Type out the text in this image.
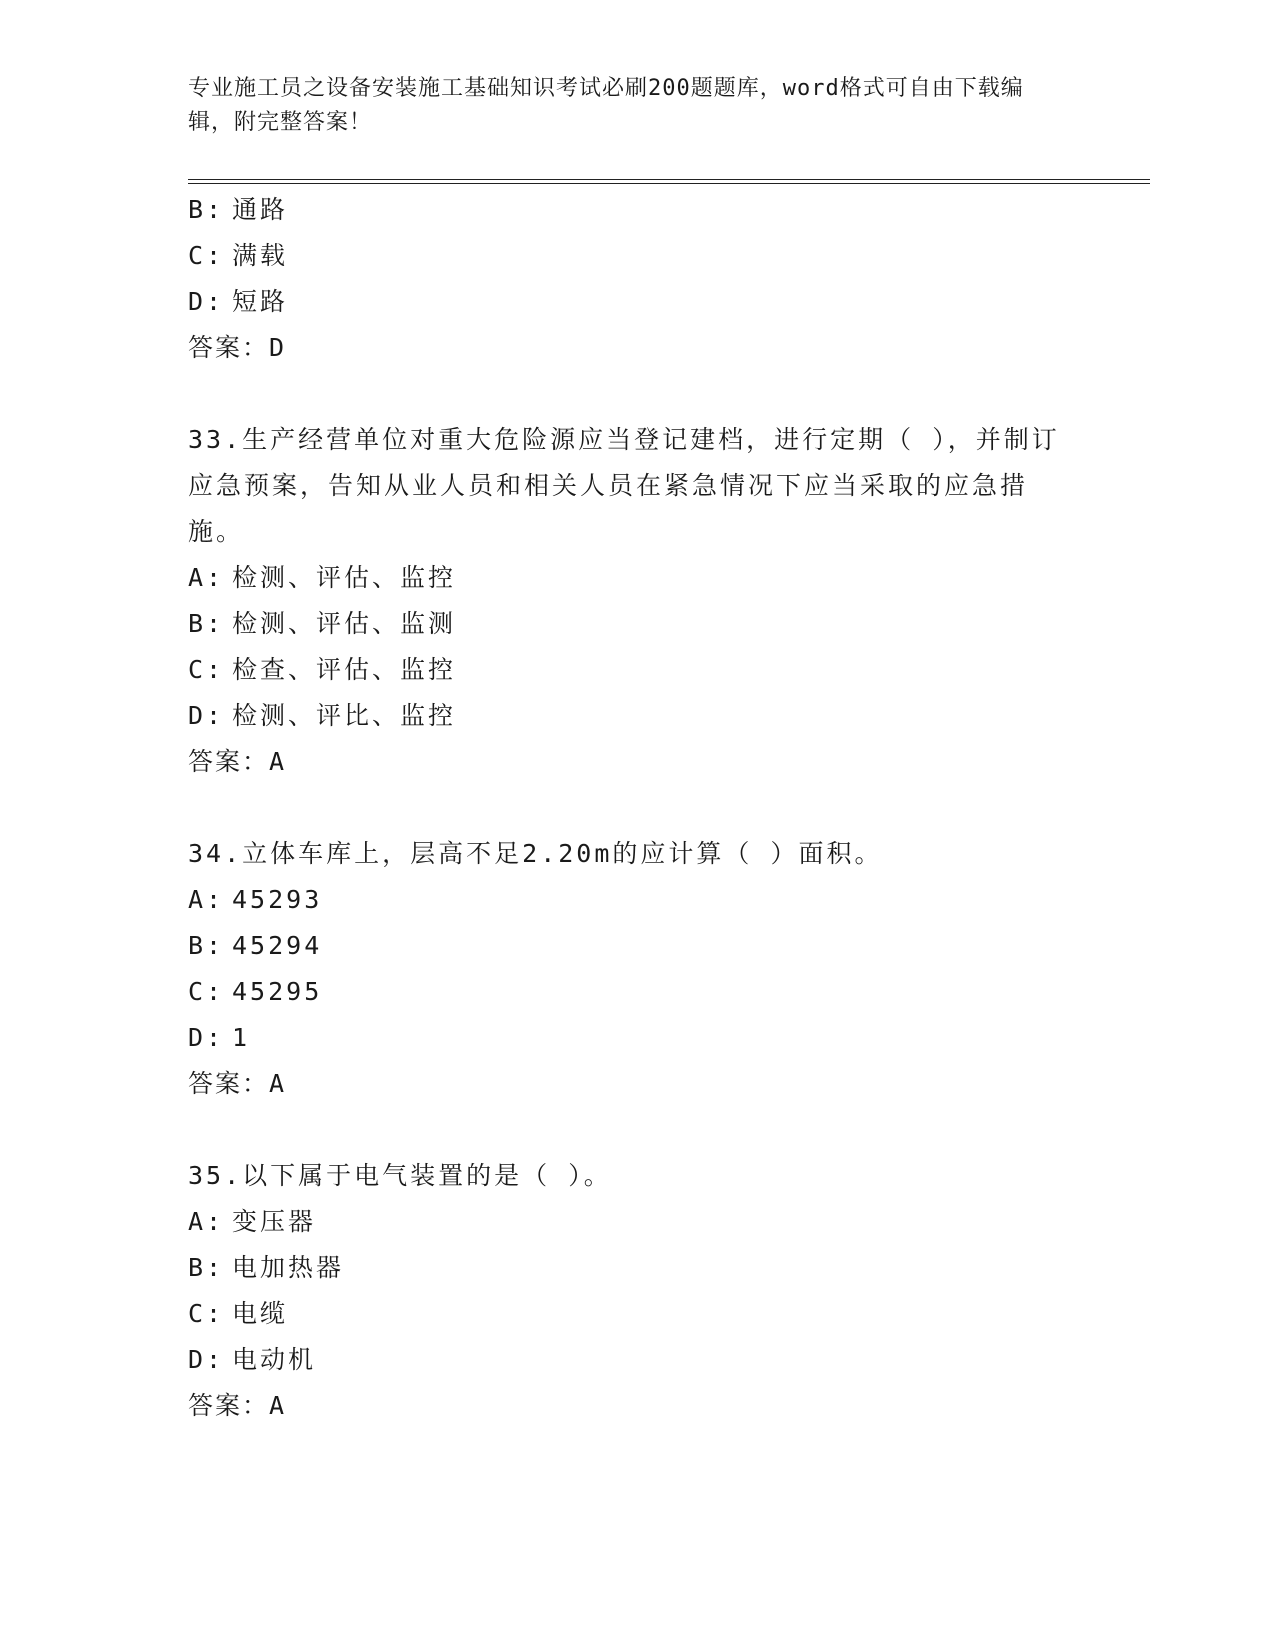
专业施工员之设备安装施工基础知识考试必刷200题题库，word格式可自由下载编辑，附完整答案！
B: 通路
C: 满载
D: 短路
答案：D
33.生产经营单位对重大危险源应当登记建档，进行定期（ ），并制订应急预案，告知从业人员和相关人员在紧急情况下应当采取的应急措施。
A: 检测、评估、监控
B: 检测、评估、监测
C: 检查、评估、监控
D: 检测、评比、监控
答案：A
34.立体车库上，层高不足2.20m的应计算（ ）面积。
A: 45293
B: 45294
C: 45295
D: 1
答案：A
35.以下属于电气装置的是（ ）。
A: 变压器
B: 电加热器
C: 电缆
D: 电动机
答案：A
